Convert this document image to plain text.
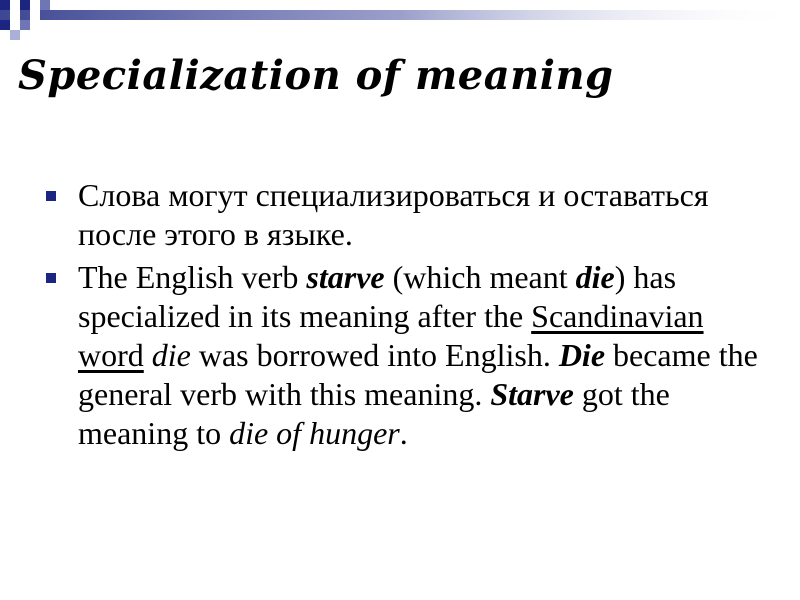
Specialization of meaning
Слова могут специализироваться и оставаться после этого в языке.
The English verb starve (which meant die) has specialized in its meaning after the Scandinavian word die was borrowed into English. Die became the general verb with this meaning. Starve got the meaning to die of hunger.
